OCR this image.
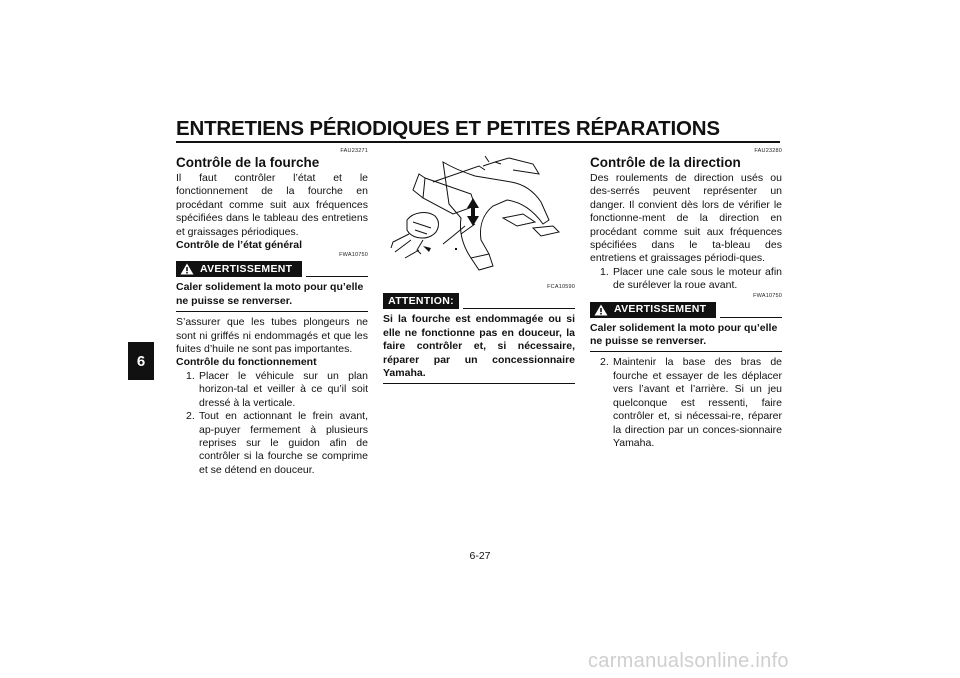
ENTRETIENS PÉRIODIQUES ET PETITES RÉPARATIONS
6
FAU23271
Contrôle de la fourche
Il faut contrôler l’état et le fonctionnement de la fourche en procédant comme suit aux fréquences spécifiées dans le tableau des entretiens et graissages périodiques.
Contrôle de l’état général
FWA10750
AVERTISSEMENT
Caler solidement la moto pour qu’elle ne puisse se renverser.
S’assurer que les tubes plongeurs ne sont ni griffés ni endommagés et que les fuites d’huile ne sont pas importantes.
Contrôle du fonctionnement
1. Placer le véhicule sur un plan horizon-tal et veiller à ce qu’il soit dressé à la verticale.
2. Tout en actionnant le frein avant, ap-puyer fermement à plusieurs reprises sur le guidon afin de contrôler si la fourche se comprime et se détend en douceur.
FCA10590
ATTENTION:
Si la fourche est endommagée ou si elle ne fonctionne pas en douceur, la faire contrôler et, si nécessaire, réparer par un concessionnaire Yamaha.
FAU23280
Contrôle de la direction
Des roulements de direction usés ou des-serrés peuvent représenter un danger. Il convient dès lors de vérifier le fonctionne-ment de la direction en procédant comme suit aux fréquences spécifiées dans le ta-bleau des entretiens et graissages périodi-ques.
1. Placer une cale sous le moteur afin de surélever la roue avant.
FWA10750
AVERTISSEMENT
Caler solidement la moto pour qu’elle ne puisse se renverser.
2. Maintenir la base des bras de fourche et essayer de les déplacer vers l’avant et l’arrière. Si un jeu quelconque est ressenti, faire contrôler et, si nécessai-re, réparer la direction par un conces-sionnaire Yamaha.
6-27
carmanualsonline.info
